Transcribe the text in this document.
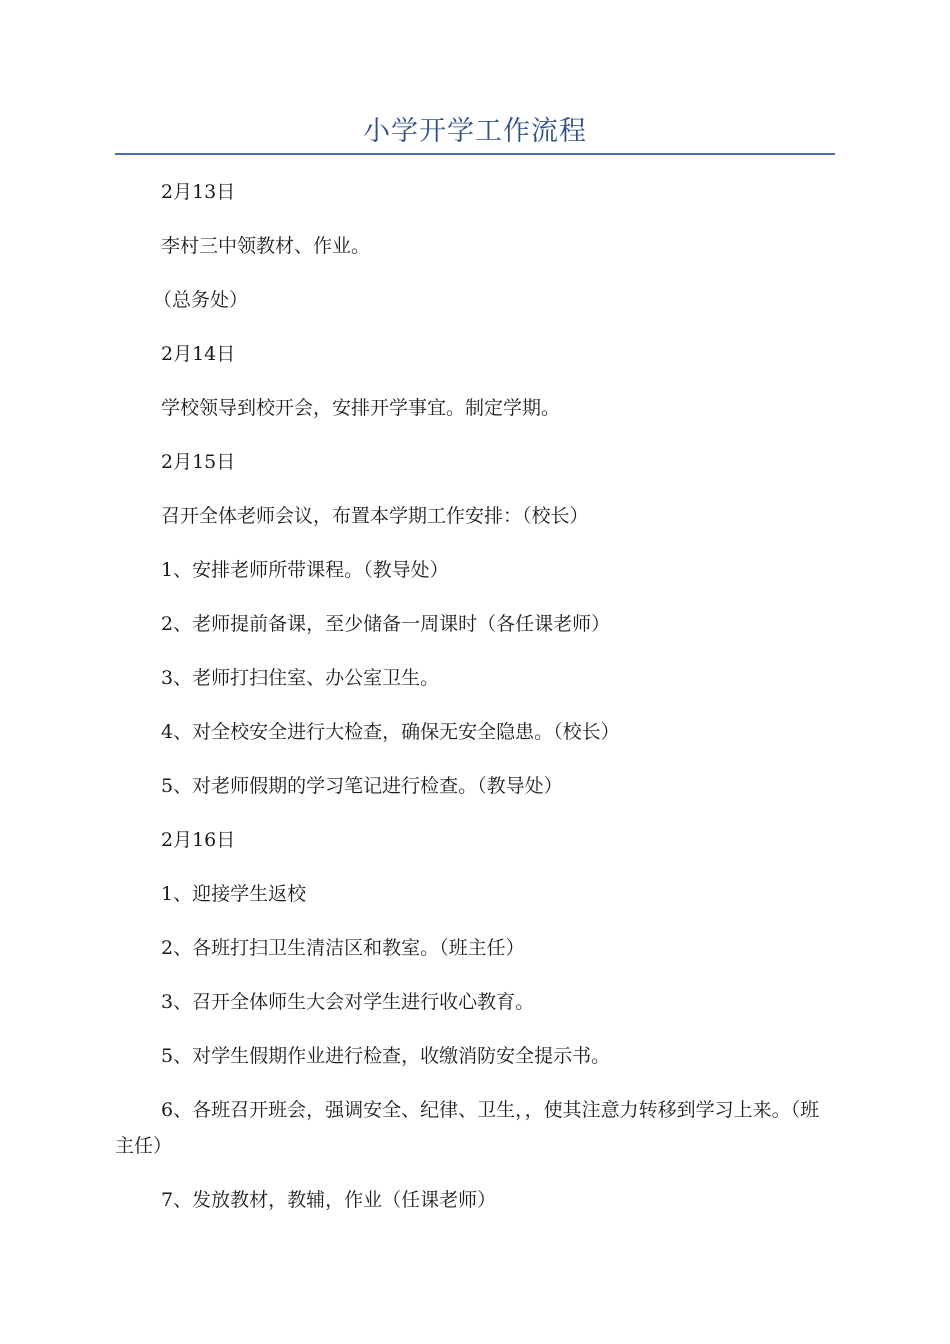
小学开学工作流程

2月13日

李村三中领教材、作业。

（总务处）

2月14日

学校领导到校开会，安排开学事宜。制定学期。

2月15日

召开全体老师会议，布置本学期工作安排：（校长）

1、安排老师所带课程。（教导处）

2、老师提前备课，至少储备一周课时（各任课老师）

3、老师打扫住室、办公室卫生。

4、对全校安全进行大检查，确保无安全隐患。（校长）

5、对老师假期的学习笔记进行检查。（教导处）

2月16日

1、迎接学生返校

2、各班打扫卫生清洁区和教室。（班主任）

3、召开全体师生大会对学生进行收心教育。

5、对学生假期作业进行检查，收缴消防安全提示书。

6、各班召开班会，强调安全、纪律、卫生，，使其注意力转移到学习上来。（班主任）

7、发放教材，教辅，作业（任课老师）
